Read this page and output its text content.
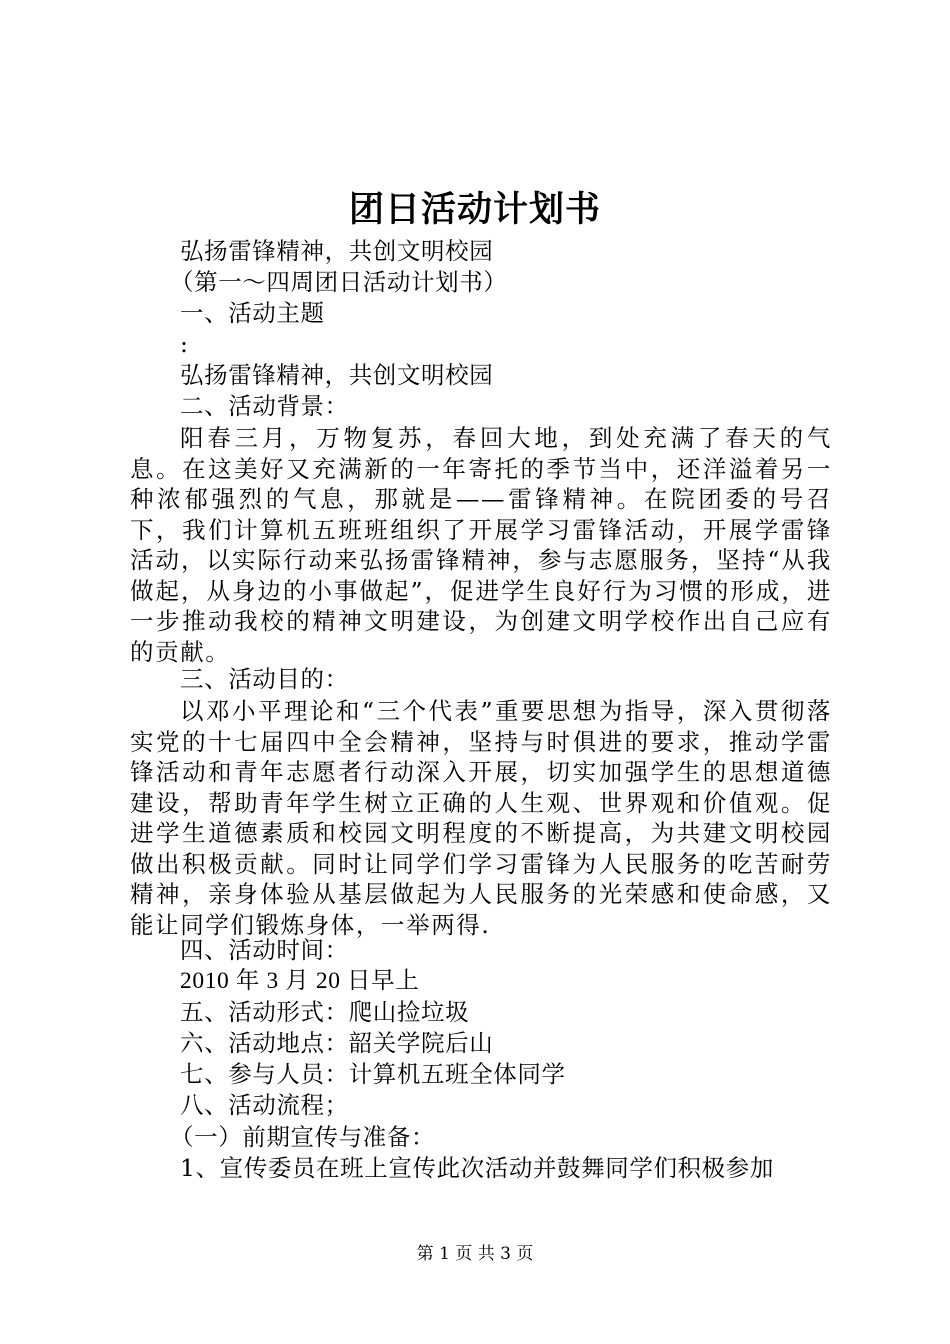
团日活动计划书
弘扬雷锋精神，共创文明校园
（第一～四周团日活动计划书）
一、活动主题
:
弘扬雷锋精神，共创文明校园
二、活动背景：
阳春三月，万物复苏，春回大地，到处充满了春天的气息。在这美好又充满新的一年寄托的季节当中，还洋溢着另一种浓郁强烈的气息，那就是——雷锋精神。在院团委的号召下，我们计算机五班班组织了开展学习雷锋活动，开展学雷锋活动，以实际行动来弘扬雷锋精神，参与志愿服务，坚持“从我做起，从身边的小事做起”，促进学生良好行为习惯的形成，进一步推动我校的精神文明建设，为创建文明学校作出自己应有的贡献。
三、活动目的：
以邓小平理论和“三个代表”重要思想为指导，深入贯彻落实党的十七届四中全会精神，坚持与时俱进的要求，推动学雷锋活动和青年志愿者行动深入开展，切实加强学生的思想道德建设，帮助青年学生树立正确的人生观、世界观和价值观。促进学生道德素质和校园文明程度的不断提高，为共建文明校园做出积极贡献。同时让同学们学习雷锋为人民服务的吃苦耐劳精神，亲身体验从基层做起为人民服务的光荣感和使命感，又能让同学们锻炼身体，一举两得.
四、活动时间：
2010 年 3 月 20 日早上
五、活动形式：爬山捡垃圾
六、活动地点：韶关学院后山
七、参与人员：计算机五班全体同学
八、活动流程；
（一）前期宣传与准备：
1、宣传委员在班上宣传此次活动并鼓舞同学们积极参加
第 1 页 共 3 页
